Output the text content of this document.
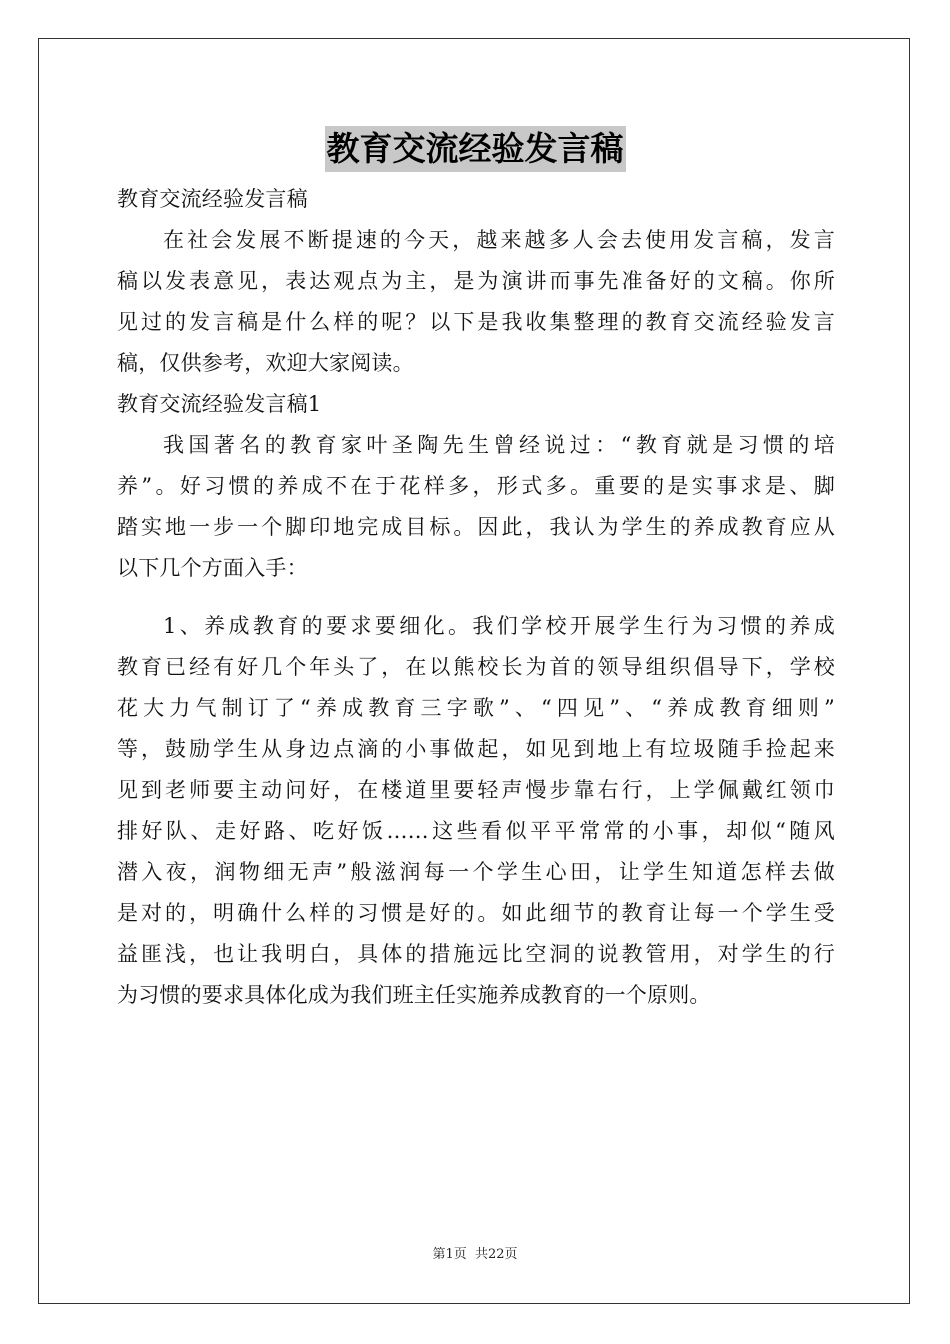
教育交流经验发言稿
教育交流经验发言稿
在社会发展不断提速的今天，越来越多人会去使用发言稿，发言
稿以发表意见，表达观点为主，是为演讲而事先准备好的文稿。你所
见过的发言稿是什么样的呢？以下是我收集整理的教育交流经验发言
稿，仅供参考，欢迎大家阅读。
教育交流经验发言稿1
我国著名的教育家叶圣陶先生曾经说过：“教育就是习惯的培
养”。好习惯的养成不在于花样多，形式多。重要的是实事求是、脚
踏实地一步一个脚印地完成目标。因此，我认为学生的养成教育应从
以下几个方面入手：
1、养成教育的要求要细化。我们学校开展学生行为习惯的养成
教育已经有好几个年头了，在以熊校长为首的领导组织倡导下，学校
花大力气制订了“养成教育三字歌”、“四见”、“养成教育细则”
等，鼓励学生从身边点滴的小事做起，如见到地上有垃圾随手捡起来
见到老师要主动问好，在楼道里要轻声慢步靠右行，上学佩戴红领巾
排好队、走好路、吃好饭……这些看似平平常常的小事，却似“随风
潜入夜，润物细无声”般滋润每一个学生心田，让学生知道怎样去做
是对的，明确什么样的习惯是好的。如此细节的教育让每一个学生受
益匪浅，也让我明白，具体的措施远比空洞的说教管用，对学生的行
为习惯的要求具体化成为我们班主任实施养成教育的一个原则。
第1页 共22页
